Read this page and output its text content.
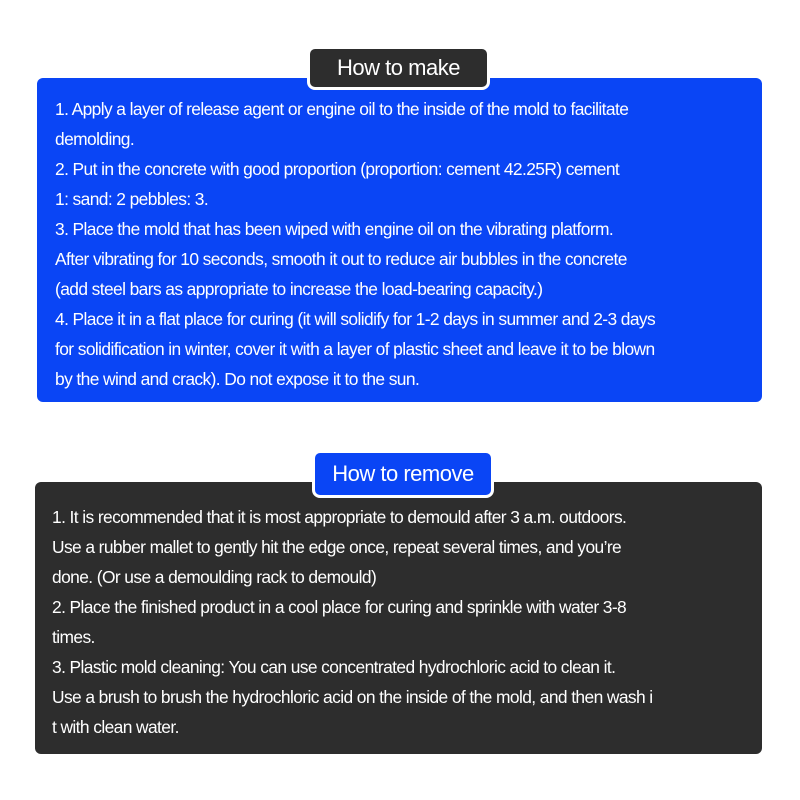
How to make
1. Apply a layer of release agent or engine oil to the inside of the mold to facilitate
demolding.
2. Put in the concrete with good proportion (proportion: cement 42.25R) cement
1: sand: 2 pebbles: 3.
3. Place the mold that has been wiped with engine oil on the vibrating platform.
After vibrating for 10 seconds, smooth it out to reduce air bubbles in the concrete
(add steel bars as appropriate to increase the load-bearing capacity.)
4. Place it in a flat place for curing (it will solidify for 1-2 days in summer and 2-3 days
for solidification in winter, cover it with a layer of plastic sheet and leave it to be blown
by the wind and crack). Do not expose it to the sun.
How to remove
1. It is recommended that it is most appropriate to demould after 3 a.m. outdoors.
Use a rubber mallet to gently hit the edge once, repeat several times, and you’re
done. (Or use a demoulding rack to demould)
2. Place the finished product in a cool place for curing and sprinkle with water 3-8
times.
3. Plastic mold cleaning: You can use concentrated hydrochloric acid to clean it.
Use a brush to brush the hydrochloric acid on the inside of the mold, and then wash i
t with clean water.
